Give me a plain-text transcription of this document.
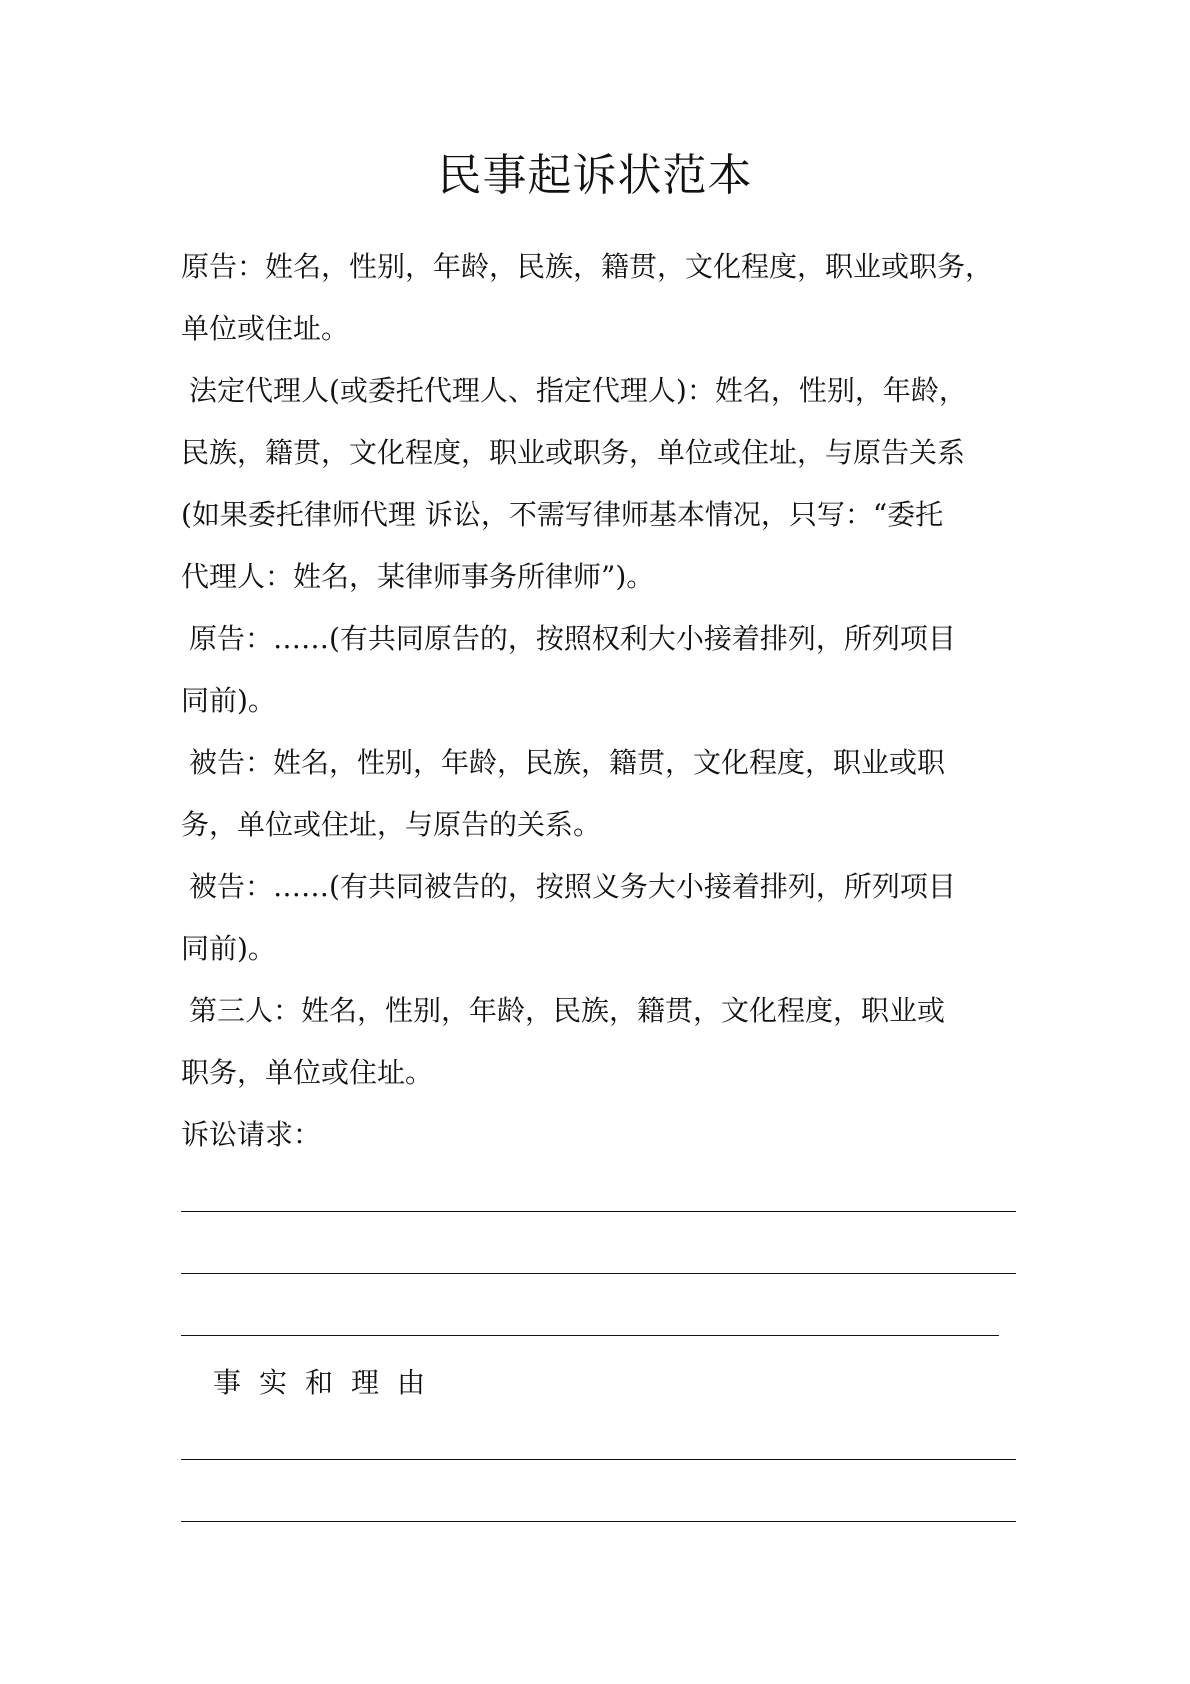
民事起诉状范本
原告：姓名，性别，年龄，民族，籍贯，文化程度，职业或职务，
单位或住址。
法定代理人(或委托代理人、指定代理人)：姓名，性别，年龄，
民族，籍贯，文化程度，职业或职务，单位或住址，与原告关系
(如果委托律师代理 诉讼，不需写律师基本情况，只写：“委托
代理人：姓名，某律师事务所律师”)。
原告：……(有共同原告的，按照权利大小接着排列，所列项目
同前)。
被告：姓名，性别，年龄，民族，籍贯，文化程度，职业或职
务，单位或住址，与原告的关系。
被告：……(有共同被告的，按照义务大小接着排列，所列项目
同前)。
第三人：姓名，性别，年龄，民族，籍贯，文化程度，职业或
职务，单位或住址。
诉讼请求：
事实和理由
